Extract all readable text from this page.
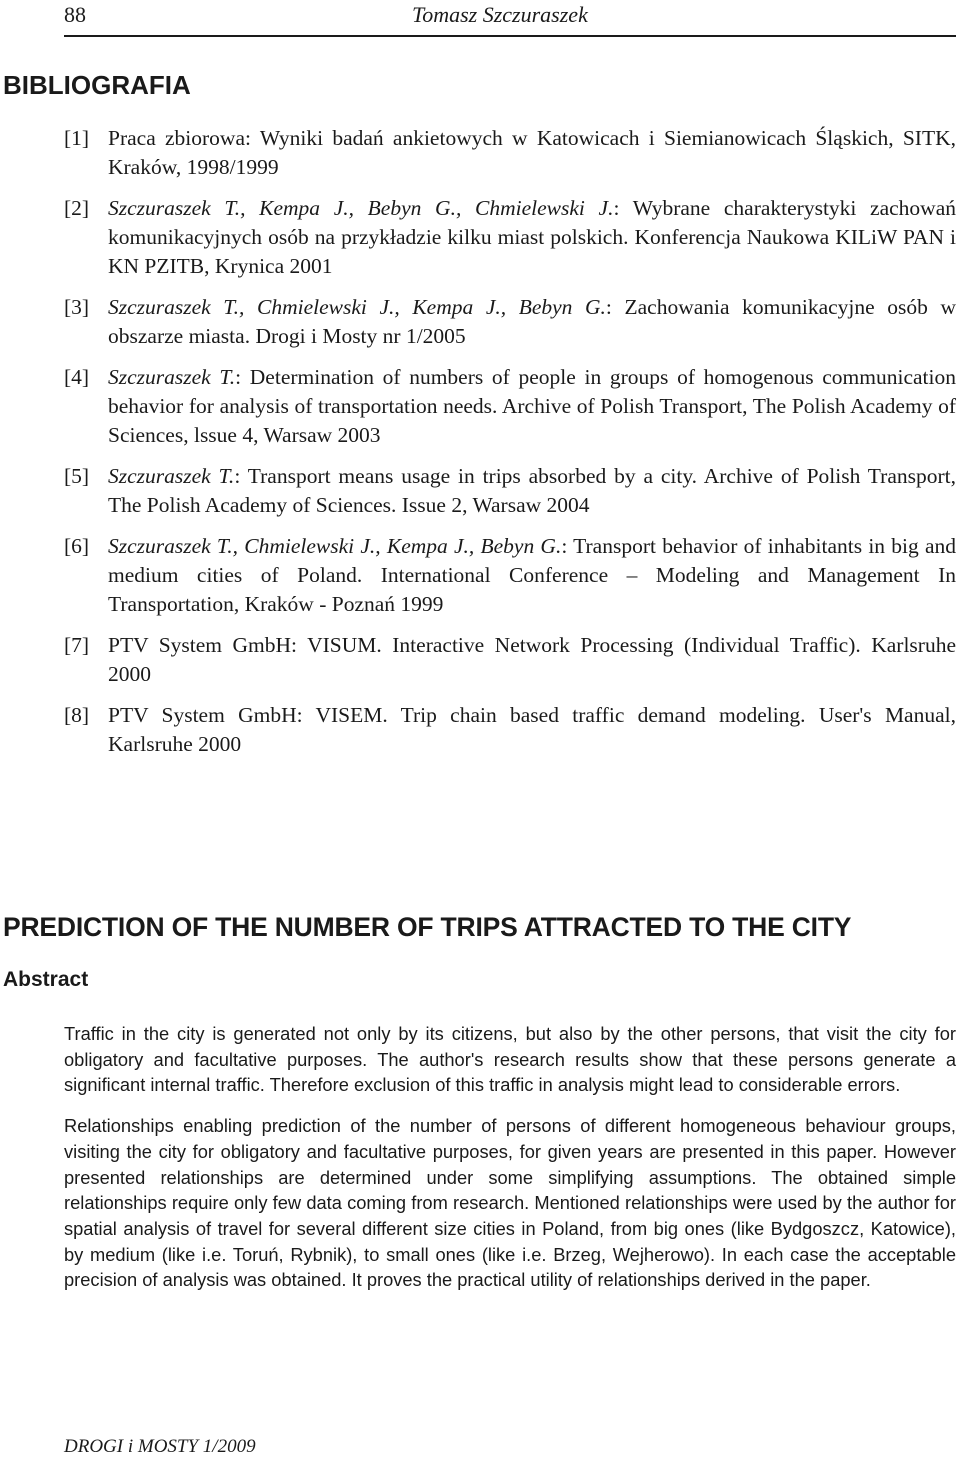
88	Tomasz Szczuraszek
BIBLIOGRAFIA
[1] Praca zbiorowa: Wyniki badań ankietowych w Katowicach i Siemianowicach Śląskich, SITK, Kraków, 1998/1999
[2] Szczuraszek T., Kempa J., Bebyn G., Chmielewski J.: Wybrane charakterystyki zachowań komunikacyjnych osób na przykładzie kilku miast polskich. Konferencja Naukowa KILiW PAN i KN PZITB, Krynica 2001
[3] Szczuraszek T., Chmielewski J., Kempa J., Bebyn G.: Zachowania komunikacyjne osób w obszarze miasta. Drogi i Mosty nr 1/2005
[4] Szczuraszek T.: Determination of numbers of people in groups of homogenous communication behavior for analysis of transportation needs. Archive of Polish Transport, The Polish Academy of Sciences, lssue 4, Warsaw 2003
[5] Szczuraszek T.: Transport means usage in trips absorbed by a city. Archive of Polish Transport, The Polish Academy of Sciences. Issue 2, Warsaw 2004
[6] Szczuraszek T., Chmielewski J., Kempa J., Bebyn G.: Transport behavior of inhabitants in big and medium cities of Poland. International Conference – Modeling and Management In Transportation, Kraków - Poznań 1999
[7] PTV System GmbH: VISUM. Interactive Network Processing (Individual Traffic). Karlsruhe 2000
[8] PTV System GmbH: VISEM. Trip chain based traffic demand modeling. User's Manual, Karlsruhe 2000
PREDICTION OF THE NUMBER OF TRIPS ATTRACTED TO THE CITY
Abstract

Traffic in the city is generated not only by its citizens, but also by the other persons, that visit the city for obligatory and facultative purposes. The author's research results show that these persons generate a significant internal traffic. Therefore exclusion of this traffic in analysis might lead to considerable errors.

Relationships enabling prediction of the number of persons of different homogeneous behaviour groups, visiting the city for obligatory and facultative purposes, for given years are presented in this paper. However presented relationships are determined under some simplifying assumptions. The obtained simple relationships require only few data coming from research. Mentioned relationships were used by the author for spatial analysis of travel for several different size cities in Poland, from big ones (like Bydgoszcz, Katowice), by medium (like i.e. Toruń, Rybnik), to small ones (like i.e. Brzeg, Wejherowo). In each case the acceptable precision of analysis was obtained. It proves the practical utility of relationships derived in the paper.

DROGI i MOSTY 1/2009
